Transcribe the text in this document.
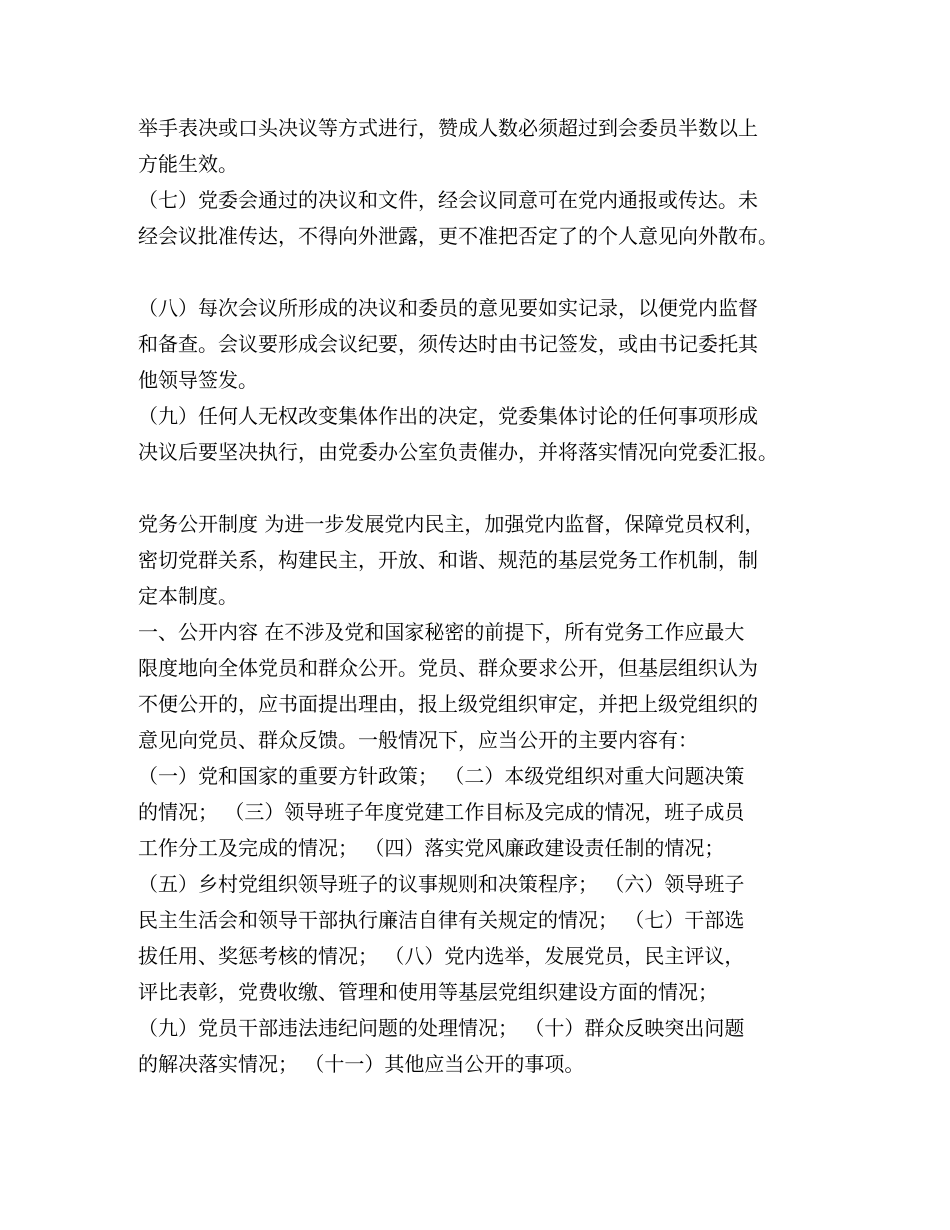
举手表决或口头决议等方式进行，赞成人数必须超过到会委员半数以上
方能生效。
（七）党委会通过的决议和文件，经会议同意可在党内通报或传达。未
经会议批准传达，不得向外泄露，更不准把否定了的个人意见向外散布。
（八）每次会议所形成的决议和委员的意见要如实记录，以便党内监督
和备查。会议要形成会议纪要，须传达时由书记签发，或由书记委托其
他领导签发。
（九）任何人无权改变集体作出的决定，党委集体讨论的任何事项形成
决议后要坚决执行，由党委办公室负责催办，并将落实情况向党委汇报。
党务公开制度 为进一步发展党内民主，加强党内监督，保障党员权利，
密切党群关系，构建民主，开放、和谐、规范的基层党务工作机制，制
定本制度。
一、公开内容 在不涉及党和国家秘密的前提下，所有党务工作应最大
限度地向全体党员和群众公开。党员、群众要求公开，但基层组织认为
不便公开的，应书面提出理由，报上级党组织审定，并把上级党组织的
意见向党员、群众反馈。一般情况下，应当公开的主要内容有：
（一）党和国家的重要方针政策； （二）本级党组织对重大问题决策
的情况； （三）领导班子年度党建工作目标及完成的情况，班子成员
工作分工及完成的情况； （四）落实党风廉政建设责任制的情况；
（五）乡村党组织领导班子的议事规则和决策程序； （六）领导班子
民主生活会和领导干部执行廉洁自律有关规定的情况； （七）干部选
拔任用、奖惩考核的情况； （八）党内选举，发展党员，民主评议，
评比表彰，党费收缴、管理和使用等基层党组织建设方面的情况；
（九）党员干部违法违纪问题的处理情况； （十）群众反映突出问题
的解决落实情况； （十一）其他应当公开的事项。
